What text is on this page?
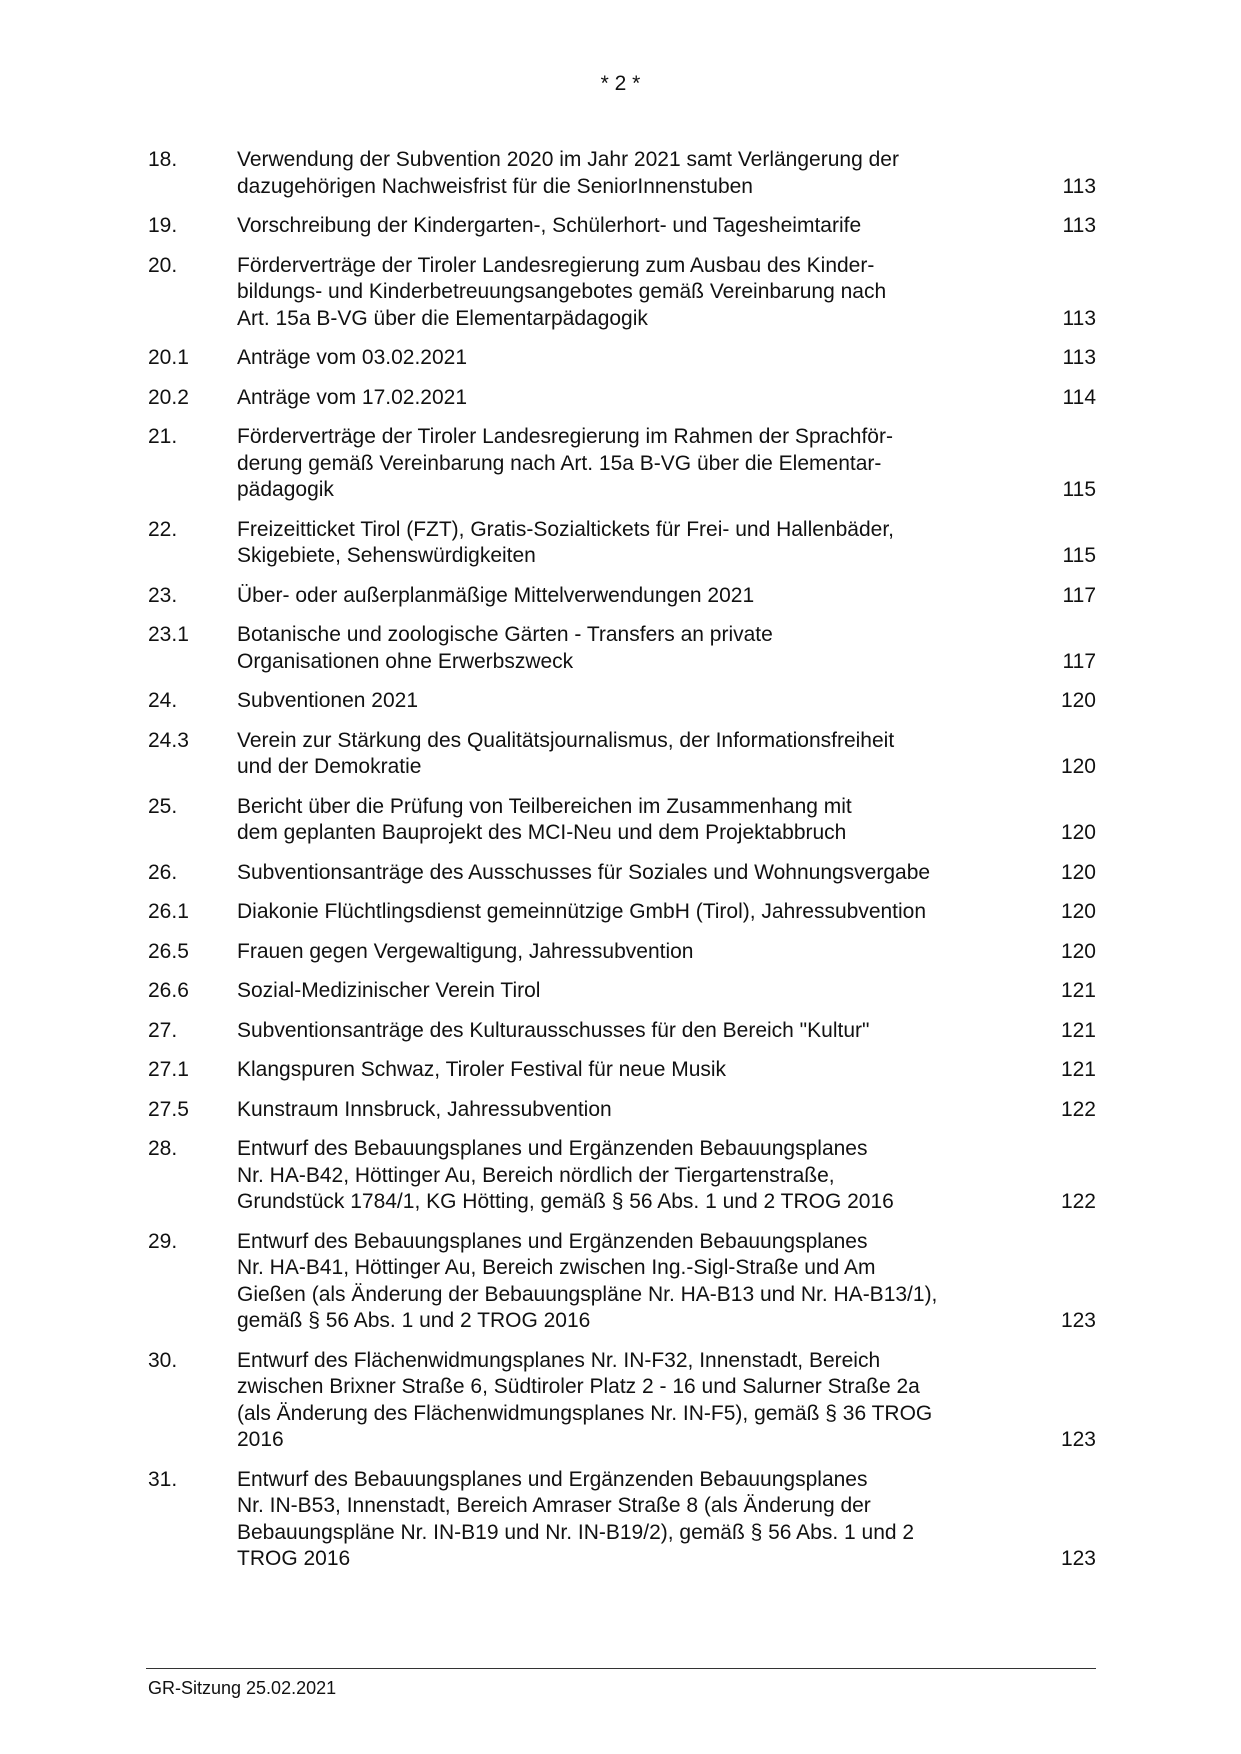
* 2 *
18.	Verwendung der Subvention 2020 im Jahr 2021 samt Verlängerung der
dazugehörigen Nachweisfrist für die SeniorInnenstuben	113
19.	Vorschreibung der Kindergarten-, Schülerhort- und Tagesheimtarife	113
20.	Förderverträge der Tiroler Landesregierung zum Ausbau des Kinder-
bildungs- und Kinderbetreuungsangebotes gemäß Vereinbarung nach
Art. 15a B-VG über die Elementarpädagogik	113
20.1	Anträge vom 03.02.2021	113
20.2	Anträge vom 17.02.2021	114
21.	Förderverträge der Tiroler Landesregierung im Rahmen der Sprachför-
derung gemäß Vereinbarung nach Art. 15a B-VG über die Elementar-
pädagogik	115
22.	Freizeitticket Tirol (FZT), Gratis-Sozialtickets für Frei- und Hallenbäder,
Skigebiete, Sehenswürdigkeiten	115
23.	Über- oder außerplanmäßige Mittelverwendungen 2021	117
23.1	Botanische und zoologische Gärten - Transfers an private
Organisationen ohne Erwerbszweck	117
24.	Subventionen 2021	120
24.3	Verein zur Stärkung des Qualitätsjournalismus, der Informationsfreiheit
und der Demokratie	120
25.	Bericht über die Prüfung von Teilbereichen im Zusammenhang mit
dem geplanten Bauprojekt des MCI-Neu und dem Projektabbruch	120
26.	Subventionsanträge des Ausschusses für Soziales und Wohnungsvergabe	120
26.1	Diakonie Flüchtlingsdienst gemeinnützige GmbH (Tirol), Jahressubvention	120
26.5	Frauen gegen Vergewaltigung, Jahressubvention	120
26.6	Sozial-Medizinischer Verein Tirol	121
27.	Subventionsanträge des Kulturausschusses für den Bereich "Kultur"	121
27.1	Klangspuren Schwaz, Tiroler Festival für neue Musik	121
27.5	Kunstraum Innsbruck, Jahressubvention	122
28.	Entwurf des Bebauungsplanes und Ergänzenden Bebauungsplanes
Nr. HA-B42, Höttinger Au, Bereich nördlich der Tiergartenstraße,
Grundstück 1784/1, KG Hötting, gemäß § 56 Abs. 1 und 2 TROG 2016	122
29.	Entwurf des Bebauungsplanes und Ergänzenden Bebauungsplanes
Nr. HA-B41, Höttinger Au, Bereich zwischen Ing.-Sigl-Straße und Am
Gießen (als Änderung der Bebauungspläne Nr. HA-B13 und Nr. HA-B13/1),
gemäß § 56 Abs. 1 und 2 TROG 2016	123
30.	Entwurf des Flächenwidmungsplanes Nr. IN-F32, Innenstadt, Bereich
zwischen Brixner Straße 6, Südtiroler Platz 2 - 16 und Salurner Straße 2a
(als Änderung des Flächenwidmungsplanes Nr. IN-F5), gemäß § 36 TROG
2016	123
31.	Entwurf des Bebauungsplanes und Ergänzenden Bebauungsplanes
Nr. IN-B53, Innenstadt, Bereich Amraser Straße 8 (als Änderung der
Bebauungspläne Nr. IN-B19 und Nr. IN-B19/2), gemäß § 56 Abs. 1 und 2
TROG 2016	123
GR-Sitzung 25.02.2021
